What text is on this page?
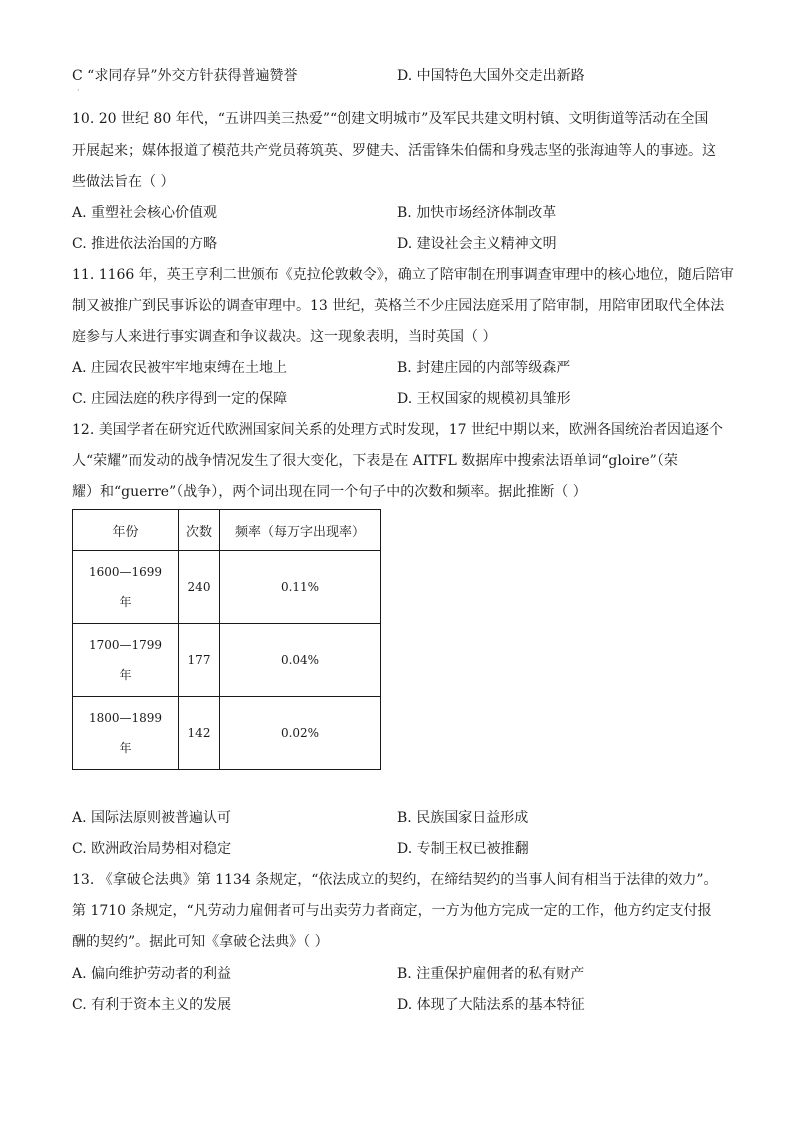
C “求同存异”外交方针获得普遍赞誉	D. 中国特色大国外交走出新路
·
10. 20 世纪 80 年代，“五讲四美三热爱”“创建文明城市”及军民共建文明村镇、文明街道等活动在全国
开展起来；媒体报道了模范共产党员蒋筑英、罗健夫、活雷锋朱伯儒和身残志坚的张海迪等人的事迹。这
些做法旨在（ ）
A. 重塑社会核心价值观	B. 加快市场经济体制改革
C. 推进依法治国的方略	D. 建设社会主义精神文明
11. 1166 年，英王亨利二世颁布《克拉伦敦敕令》，确立了陪审制在刑事调查审理中的核心地位，随后陪审
制又被推广到民事诉讼的调查审理中。13 世纪，英格兰不少庄园法庭采用了陪审制，用陪审团取代全体法
庭参与人来进行事实调查和争议裁决。这一现象表明，当时英国（ ）
A. 庄园农民被牢牢地束缚在土地上	B. 封建庄园的内部等级森严
C. 庄园法庭的秩序得到一定的保障	D. 王权国家的规模初具雏形
12. 美国学者在研究近代欧洲国家间关系的处理方式时发现，17 世纪中期以来，欧洲各国统治者因追逐个
人“荣耀”而发动的战争情况发生了很大变化，下表是在 AITFL 数据库中搜索法语单词“gloire”（荣
耀）和“guerre”（战争），两个词出现在同一个句子中的次数和频率。据此推断（ ）
年份	次数	频率（每万字出现率）

1600—1699
年	240	0.11%

1700—1799
年	177	0.04%

1800—1899
年	142	0.02%
A. 国际法原则被普遍认可	B. 民族国家日益形成
C. 欧洲政治局势相对稳定	D. 专制王权已被推翻
13. 《拿破仑法典》第 1134 条规定，“依法成立的契约，在缔结契约的当事人间有相当于法律的效力”。
第 1710 条规定，“凡劳动力雇佣者可与出卖劳力者商定，一方为他方完成一定的工作，他方约定支付报
酬的契约”。据此可知《拿破仑法典》（ ）
A. 偏向维护劳动者的利益	B. 注重保护雇佣者的私有财产
C. 有利于资本主义的发展	D. 体现了大陆法系的基本特征
